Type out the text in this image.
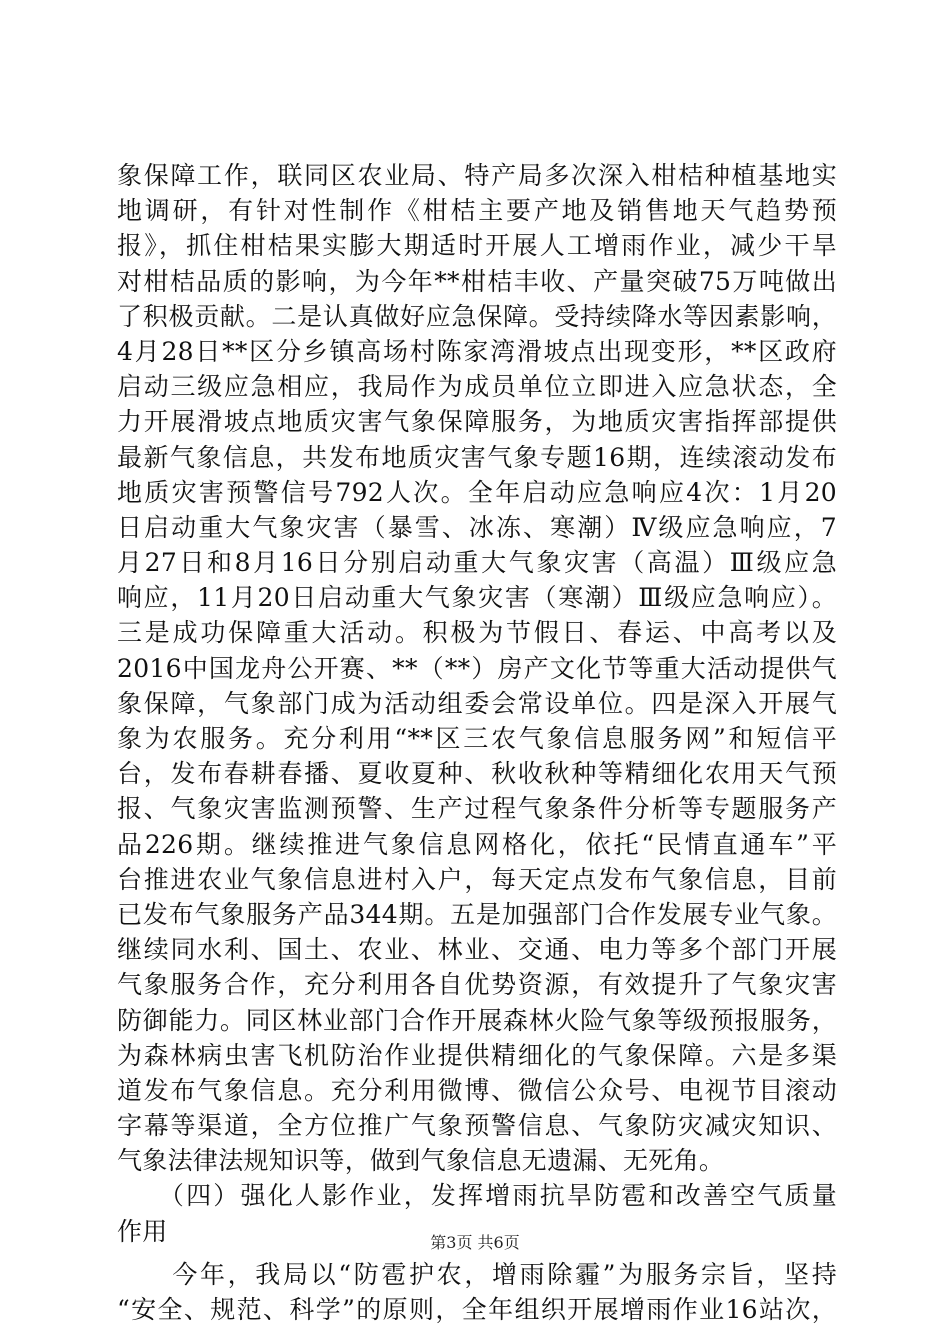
象保障工作，联同区农业局、特产局多次深入柑桔种植基地实
地调研，有针对性制作《柑桔主要产地及销售地天气趋势预
报》，抓住柑桔果实膨大期适时开展人工增雨作业，减少干旱
对柑桔品质的影响，为今年**柑桔丰收、产量突破75万吨做出
了积极贡献。二是认真做好应急保障。受持续降水等因素影响，
4月28日**区分乡镇高场村陈家湾滑坡点出现变形，**区政府
启动三级应急相应，我局作为成员单位立即进入应急状态，全
力开展滑坡点地质灾害气象保障服务，为地质灾害指挥部提供
最新气象信息，共发布地质灾害气象专题16期，连续滚动发布
地质灾害预警信号792人次。全年启动应急响应4次：1月20
日启动重大气象灾害（暴雪、冰冻、寒潮）Ⅳ级应急响应，7
月27日和8月16日分别启动重大气象灾害（高温）Ⅲ级应急
响应，11月20日启动重大气象灾害（寒潮）Ⅲ级应急响应）。
三是成功保障重大活动。积极为节假日、春运、中高考以及
2016中国龙舟公开赛、**（**）房产文化节等重大活动提供气
象保障，气象部门成为活动组委会常设单位。四是深入开展气
象为农服务。充分利用“**区三农气象信息服务网”和短信平
台，发布春耕春播、夏收夏种、秋收秋种等精细化农用天气预
报、气象灾害监测预警、生产过程气象条件分析等专题服务产
品226期。继续推进气象信息网格化，依托“民情直通车”平
台推进农业气象信息进村入户，每天定点发布气象信息，目前
已发布气象服务产品344期。五是加强部门合作发展专业气象。
继续同水利、国土、农业、林业、交通、电力等多个部门开展
气象服务合作，充分利用各自优势资源，有效提升了气象灾害
防御能力。同区林业部门合作开展森林火险气象等级预报服务，
为森林病虫害飞机防治作业提供精细化的气象保障。六是多渠
道发布气象信息。充分利用微博、微信公众号、电视节目滚动
字幕等渠道，全方位推广气象预警信息、气象防灾减灾知识、
气象法律法规知识等，做到气象信息无遗漏、无死角。
　　（四）强化人影作业，发挥增雨抗旱防雹和改善空气质量
作用
　　今年，我局以“防雹护农，增雨除霾”为服务宗旨，坚持
“安全、规范、科学”的原则，全年组织开展增雨作业16站次，
第3页 共6页
